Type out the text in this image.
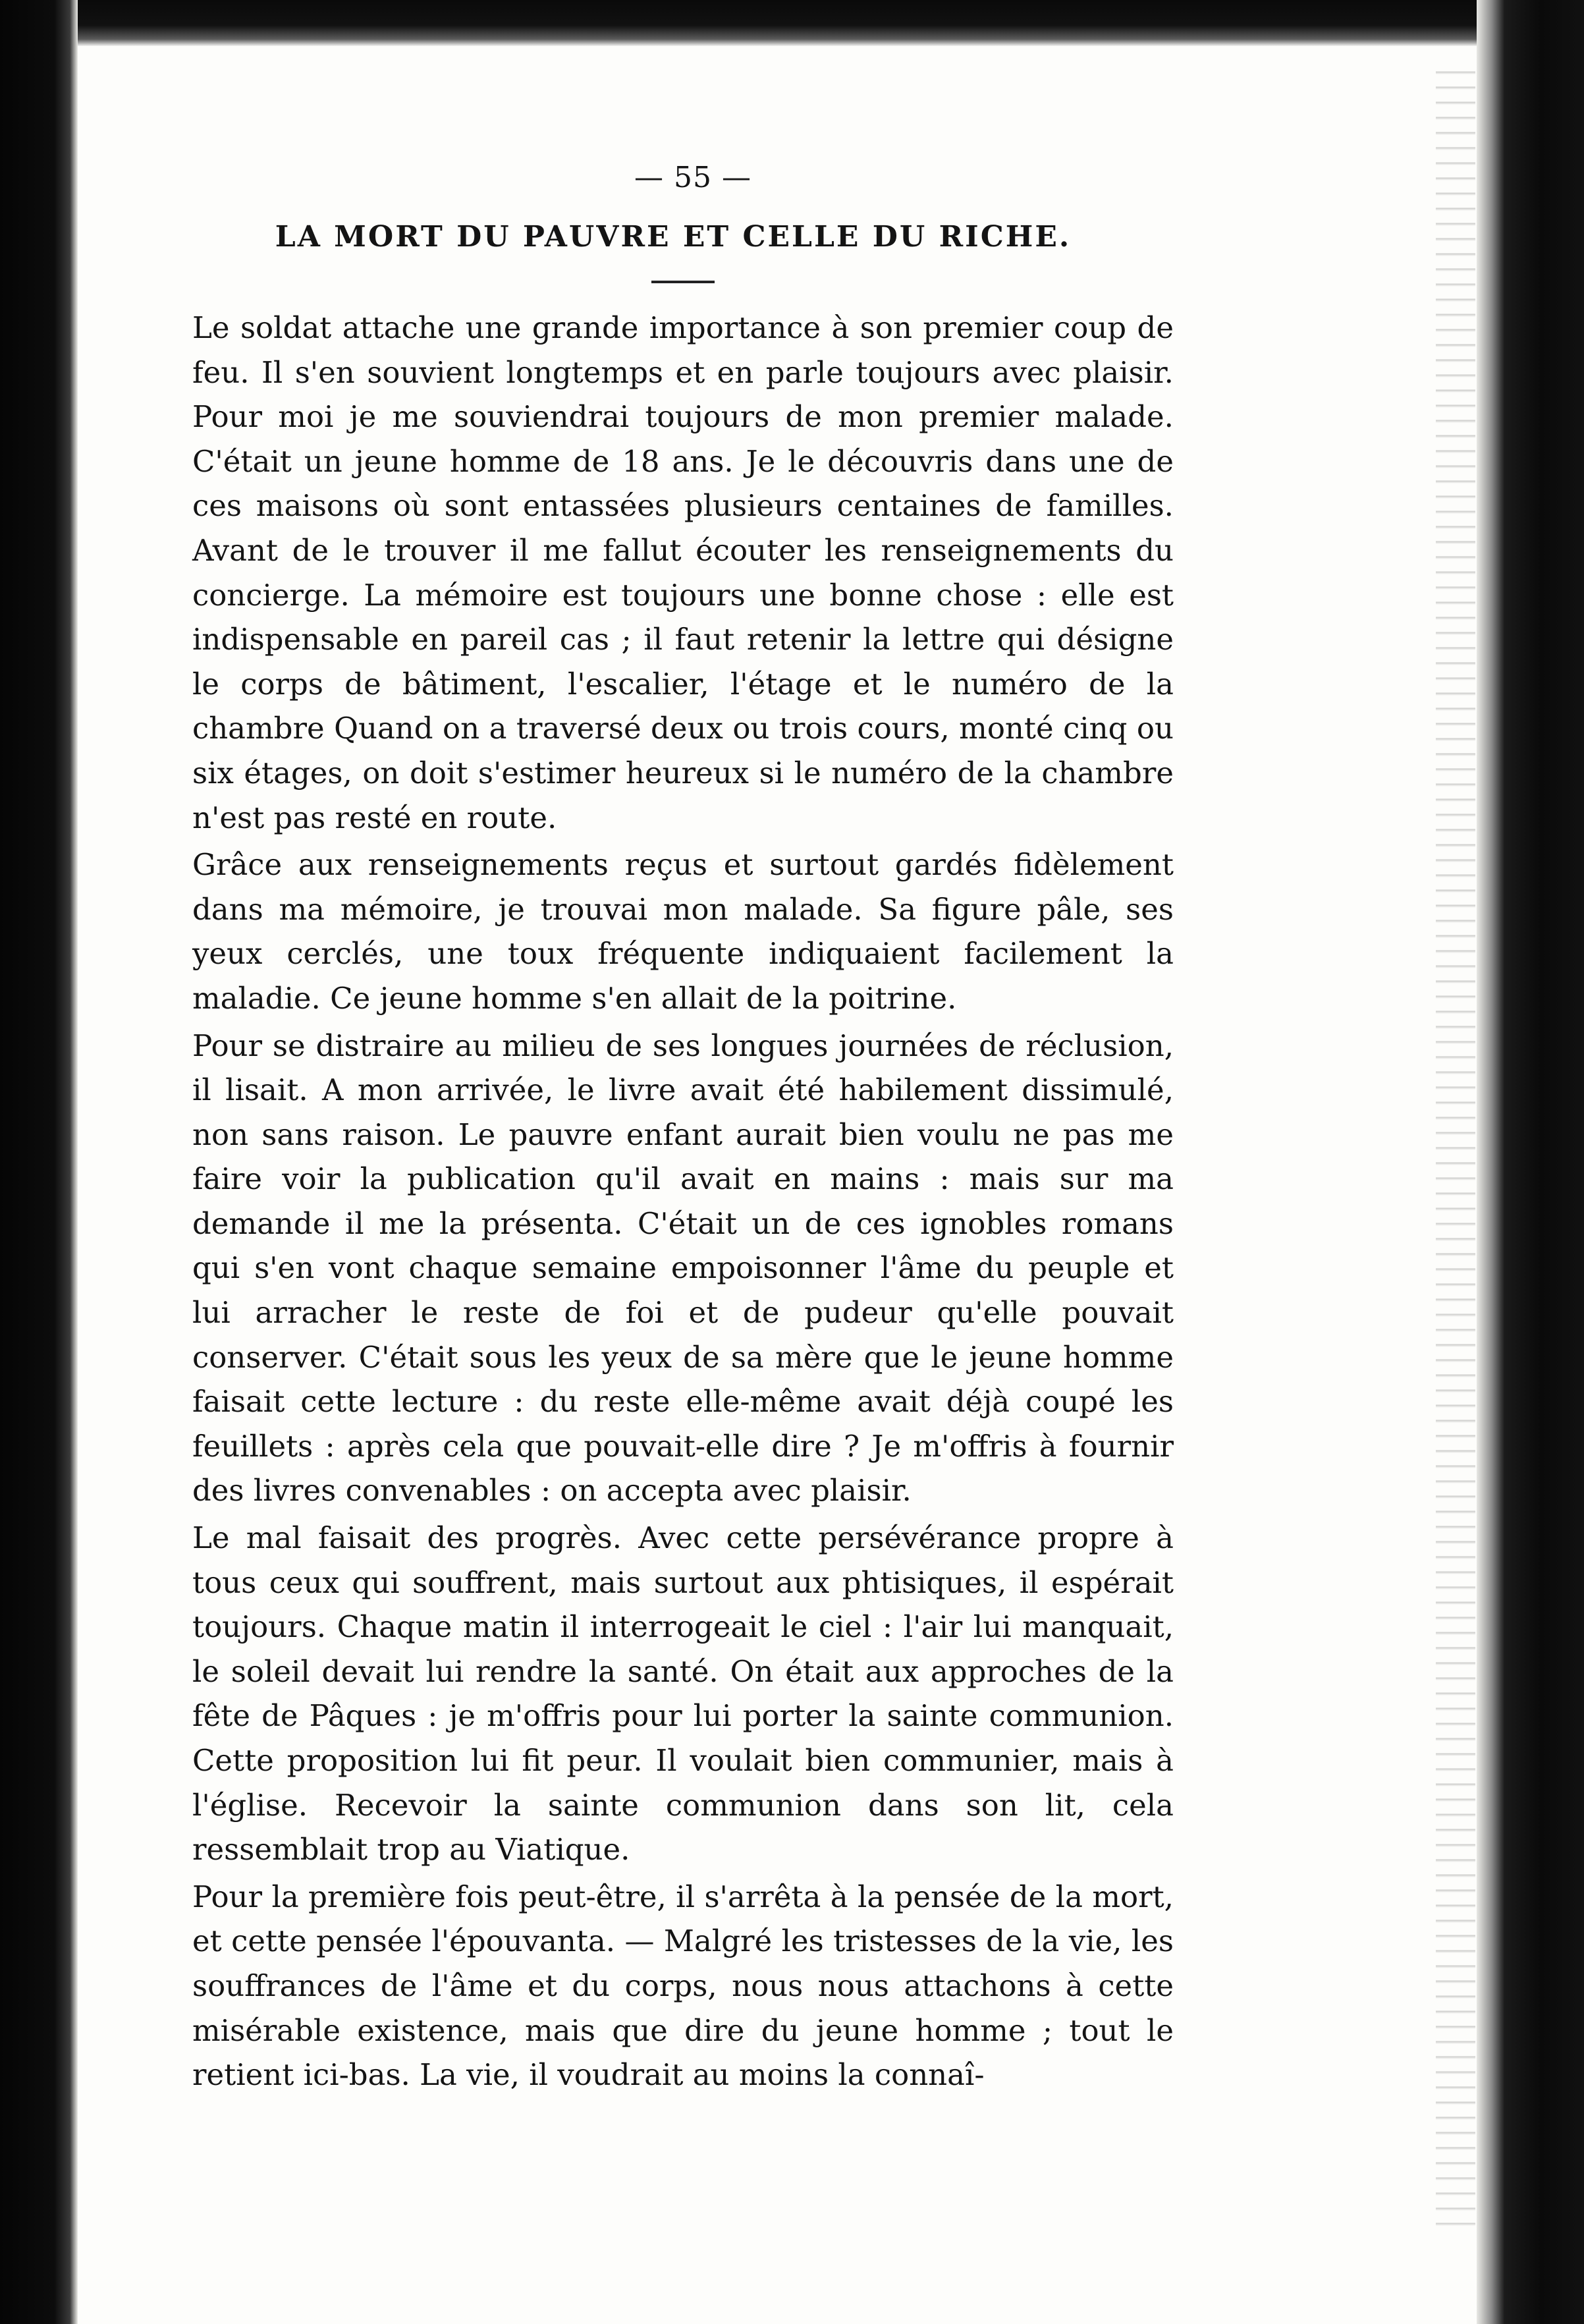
— 55 —
LA MORT DU PAUVRE ET CELLE DU RICHE.

Le soldat attache une grande importance à son premier coup de feu. Il s'en souvient longtemps et en parle toujours avec plaisir. Pour moi je me souviendrai toujours de mon premier malade. C'était un jeune homme de 18 ans. Je le découvris dans une de ces maisons où sont entassées plusieurs centaines de familles. Avant de le trouver il me fallut écouter les renseignements du concierge. La mémoire est toujours une bonne chose : elle est indispensable en pareil cas ; il faut retenir la lettre qui désigne le corps de bâtiment, l'escalier, l'étage et le numéro de la chambre Quand on a traversé deux ou trois cours, monté cinq ou six étages, on doit s'estimer heureux si le numéro de la chambre n'est pas resté en route.

Grâce aux renseignements reçus et surtout gardés fidèlement dans ma mémoire, je trouvai mon malade. Sa figure pâle, ses yeux cerclés, une toux fréquente indiquaient facilement la maladie. Ce jeune homme s'en allait de la poitrine.

Pour se distraire au milieu de ses longues journées de réclusion, il lisait. A mon arrivée, le livre avait été habilement dissimulé, non sans raison. Le pauvre enfant aurait bien voulu ne pas me faire voir la publication qu'il avait en mains : mais sur ma demande il me la présenta. C'était un de ces ignobles romans qui s'en vont chaque semaine empoisonner l'âme du peuple et lui arracher le reste de foi et de pudeur qu'elle pouvait conserver. C'était sous les yeux de sa mère que le jeune homme faisait cette lecture : du reste elle-même avait déjà coupé les feuillets : après cela que pouvait-elle dire ? Je m'offris à fournir des livres convenables : on accepta avec plaisir.

Le mal faisait des progrès. Avec cette persévérance propre à tous ceux qui souffrent, mais surtout aux phtisiques, il espérait toujours. Chaque matin il interrogeait le ciel : l'air lui manquait, le soleil devait lui rendre la santé. On était aux approches de la fête de Pâques : je m'offris pour lui porter la sainte communion. Cette proposition lui fit peur. Il voulait bien communier, mais à l'église. Recevoir la sainte communion dans son lit, cela ressemblait trop au Viatique.

Pour la première fois peut-être, il s'arrêta à la pensée de la mort, et cette pensée l'épouvanta. — Malgré les tristesses de la vie, les souffrances de l'âme et du corps, nous nous attachons à cette misérable existence, mais que dire du jeune homme ; tout le retient ici-bas. La vie, il voudrait au moins la connaî-
